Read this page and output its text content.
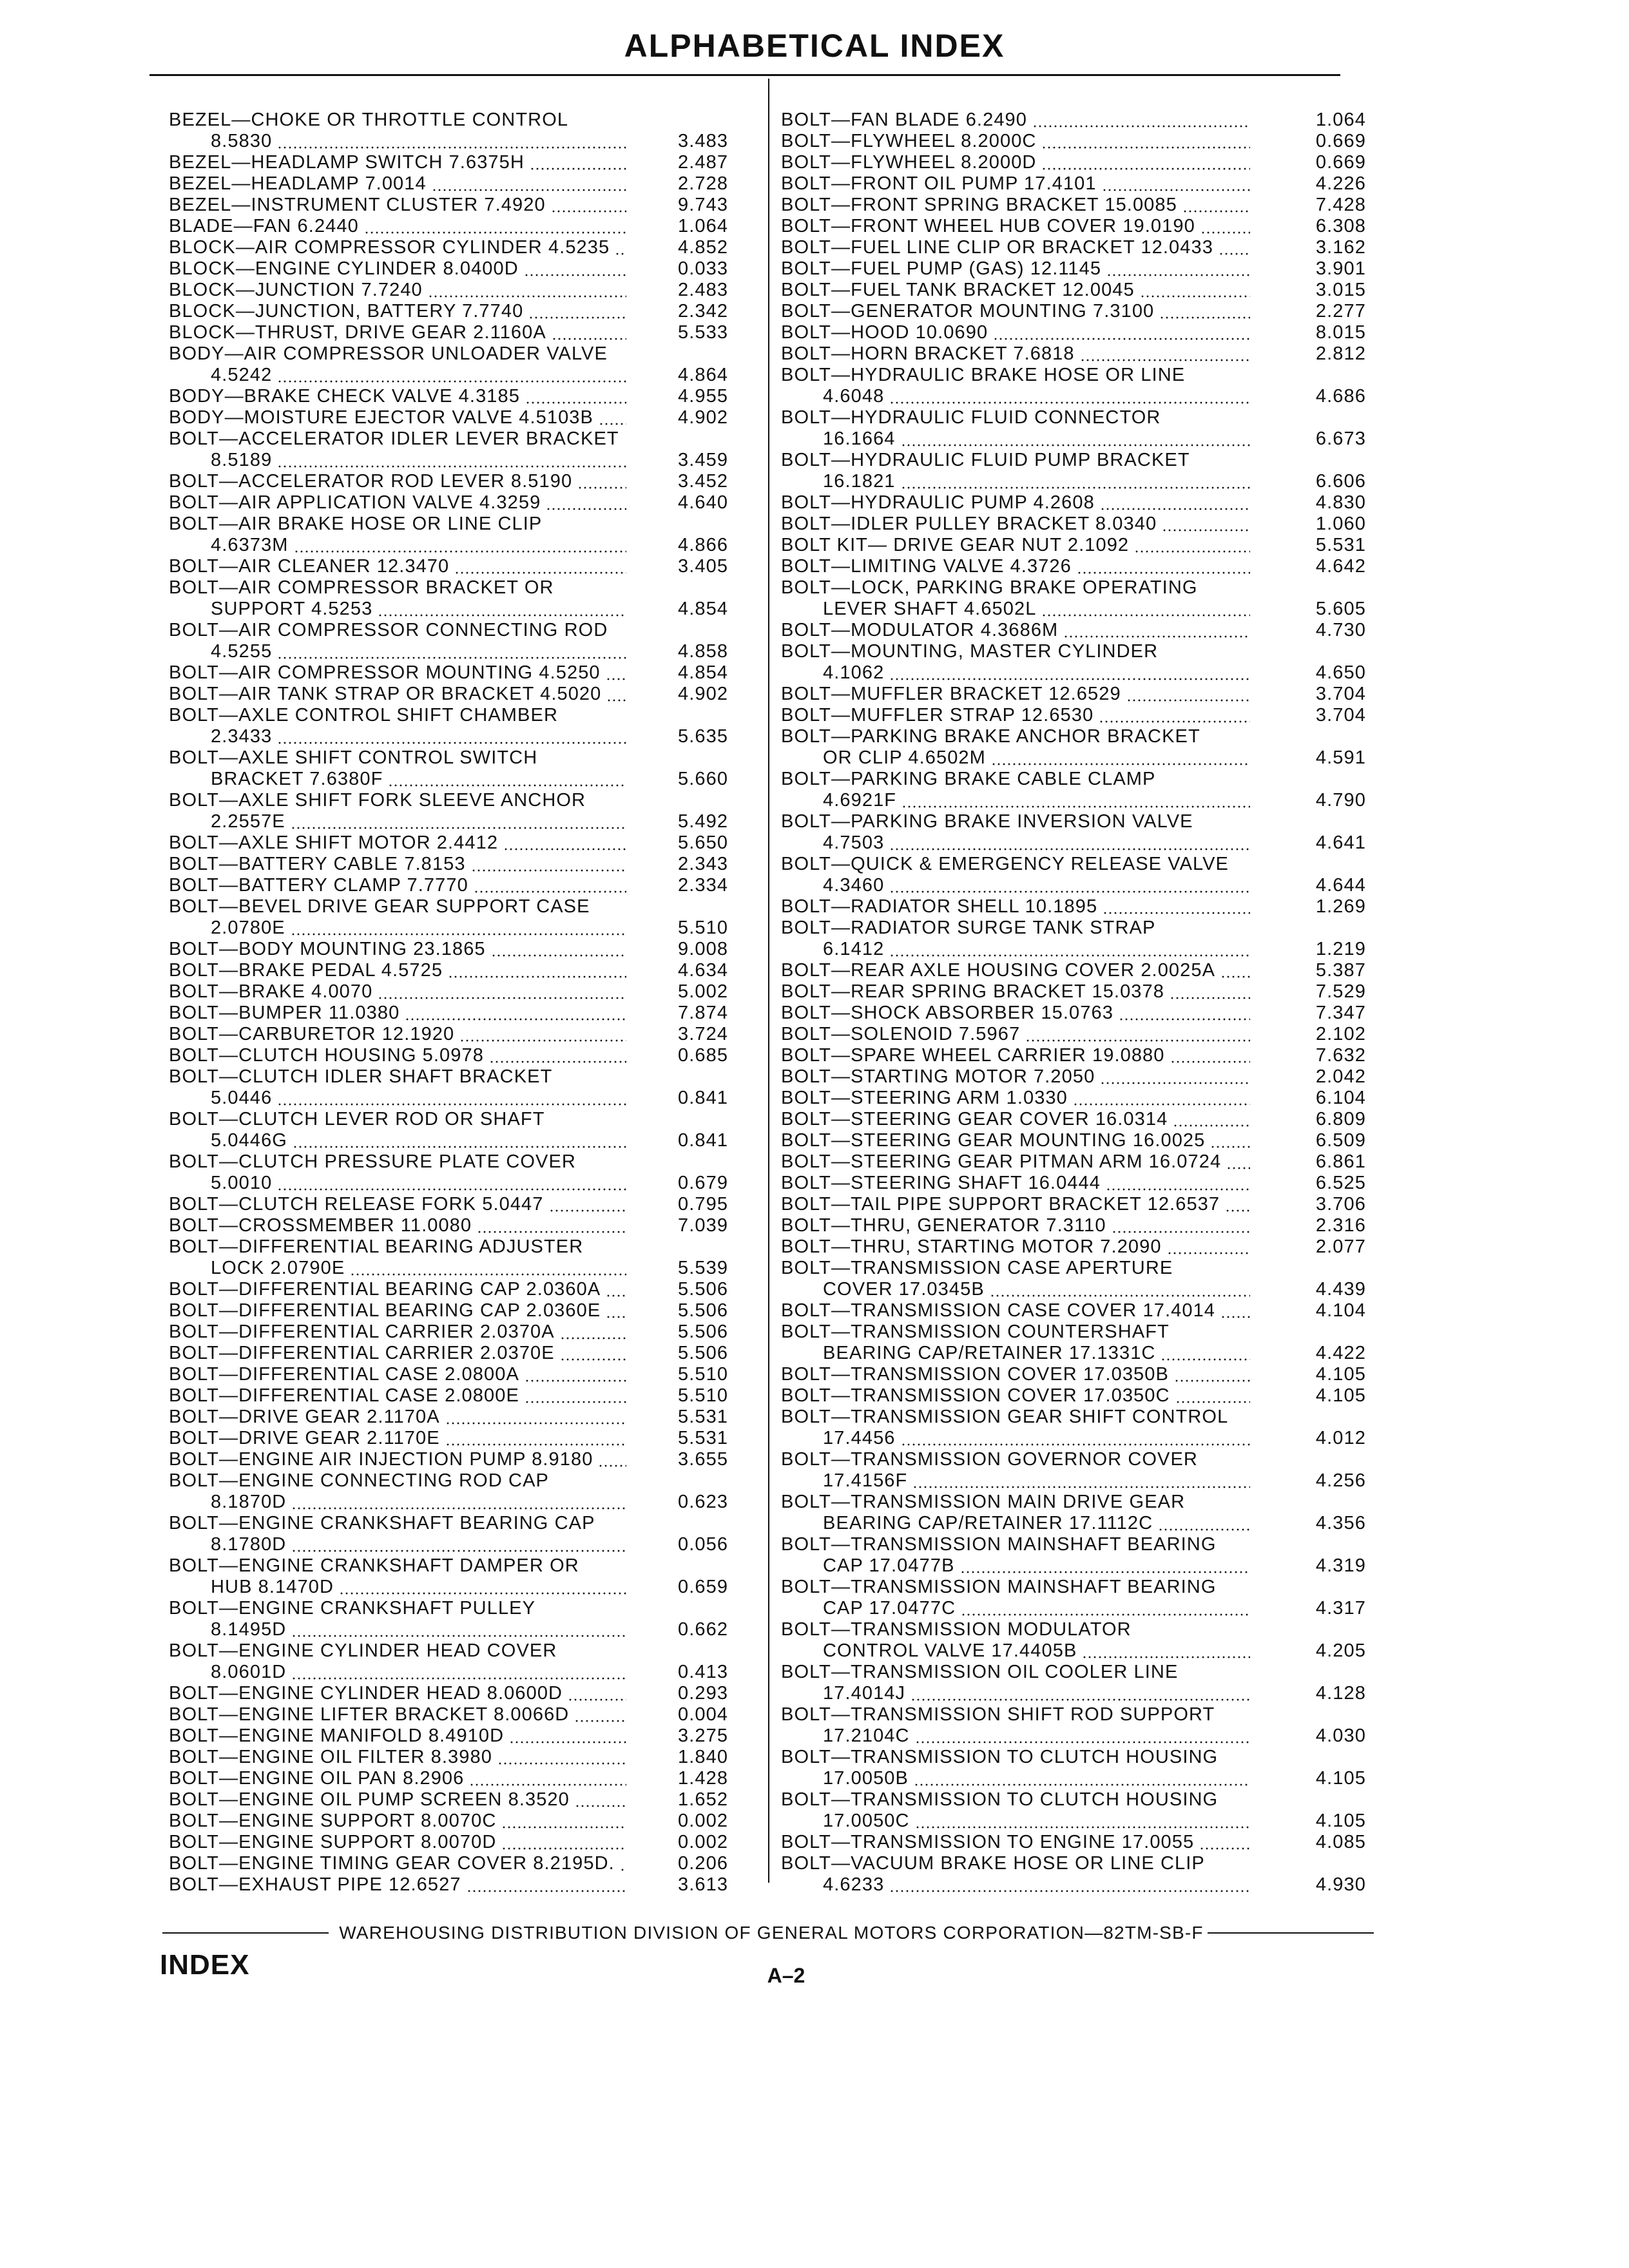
ALPHABETICAL INDEX
BEZEL—CHOKE OR THROTTLE CONTROL
8.5830	3.483
BEZEL—HEADLAMP SWITCH 7.6375H	2.487
BEZEL—HEADLAMP 7.0014	2.728
BEZEL—INSTRUMENT CLUSTER 7.4920	9.743
BLADE—FAN 6.2440	1.064
BLOCK—AIR COMPRESSOR CYLINDER 4.5235	4.852
BLOCK—ENGINE CYLINDER 8.0400D	0.033
BLOCK—JUNCTION 7.7240	2.483
BLOCK—JUNCTION, BATTERY 7.7740	2.342
BLOCK—THRUST, DRIVE GEAR 2.1160A	5.533
BODY—AIR COMPRESSOR UNLOADER VALVE
4.5242	4.864
BODY—BRAKE CHECK VALVE 4.3185	4.955
BODY—MOISTURE EJECTOR VALVE 4.5103B	4.902
BOLT—ACCELERATOR IDLER LEVER BRACKET
8.5189	3.459
BOLT—ACCELERATOR ROD LEVER 8.5190	3.452
BOLT—AIR APPLICATION VALVE 4.3259	4.640
BOLT—AIR BRAKE HOSE OR LINE CLIP
4.6373M	4.866
BOLT—AIR CLEANER 12.3470	3.405
BOLT—AIR COMPRESSOR BRACKET OR
SUPPORT 4.5253	4.854
BOLT—AIR COMPRESSOR CONNECTING ROD
4.5255	4.858
BOLT—AIR COMPRESSOR MOUNTING 4.5250	4.854
BOLT—AIR TANK STRAP OR BRACKET 4.5020	4.902
BOLT—AXLE CONTROL SHIFT CHAMBER
2.3433	5.635
BOLT—AXLE SHIFT CONTROL SWITCH
BRACKET 7.6380F	5.660
BOLT—AXLE SHIFT FORK SLEEVE ANCHOR
2.2557E	5.492
BOLT—AXLE SHIFT MOTOR 2.4412	5.650
BOLT—BATTERY CABLE 7.8153	2.343
BOLT—BATTERY CLAMP 7.7770	2.334
BOLT—BEVEL DRIVE GEAR SUPPORT CASE
2.0780E	5.510
BOLT—BODY MOUNTING 23.1865	9.008
BOLT—BRAKE PEDAL 4.5725	4.634
BOLT—BRAKE 4.0070	5.002
BOLT—BUMPER 11.0380	7.874
BOLT—CARBURETOR 12.1920	3.724
BOLT—CLUTCH HOUSING 5.0978	0.685
BOLT—CLUTCH IDLER SHAFT BRACKET
5.0446	0.841
BOLT—CLUTCH LEVER ROD OR SHAFT
5.0446G	0.841
BOLT—CLUTCH PRESSURE PLATE COVER
5.0010	0.679
BOLT—CLUTCH RELEASE FORK 5.0447	0.795
BOLT—CROSSMEMBER 11.0080	7.039
BOLT—DIFFERENTIAL BEARING ADJUSTER
LOCK 2.0790E	5.539
BOLT—DIFFERENTIAL BEARING CAP 2.0360A	5.506
BOLT—DIFFERENTIAL BEARING CAP 2.0360E	5.506
BOLT—DIFFERENTIAL CARRIER 2.0370A	5.506
BOLT—DIFFERENTIAL CARRIER 2.0370E	5.506
BOLT—DIFFERENTIAL CASE 2.0800A	5.510
BOLT—DIFFERENTIAL CASE 2.0800E	5.510
BOLT—DRIVE GEAR 2.1170A	5.531
BOLT—DRIVE GEAR 2.1170E	5.531
BOLT—ENGINE AIR INJECTION PUMP 8.9180	3.655
BOLT—ENGINE CONNECTING ROD CAP
8.1870D	0.623
BOLT—ENGINE CRANKSHAFT BEARING CAP
8.1780D	0.056
BOLT—ENGINE CRANKSHAFT DAMPER OR
HUB 8.1470D	0.659
BOLT—ENGINE CRANKSHAFT PULLEY
8.1495D	0.662
BOLT—ENGINE CYLINDER HEAD COVER
8.0601D	0.413
BOLT—ENGINE CYLINDER HEAD 8.0600D	0.293
BOLT—ENGINE LIFTER BRACKET 8.0066D	0.004
BOLT—ENGINE MANIFOLD 8.4910D	3.275
BOLT—ENGINE OIL FILTER 8.3980	1.840
BOLT—ENGINE OIL PAN 8.2906	1.428
BOLT—ENGINE OIL PUMP SCREEN 8.3520	1.652
BOLT—ENGINE SUPPORT 8.0070C	0.002
BOLT—ENGINE SUPPORT 8.0070D	0.002
BOLT—ENGINE TIMING GEAR COVER 8.2195D.	0.206
BOLT—EXHAUST PIPE 12.6527	3.613
BOLT—FAN BLADE 6.2490	1.064
BOLT—FLYWHEEL 8.2000C	0.669
BOLT—FLYWHEEL 8.2000D	0.669
BOLT—FRONT OIL PUMP 17.4101	4.226
BOLT—FRONT SPRING BRACKET 15.0085	7.428
BOLT—FRONT WHEEL HUB COVER 19.0190	6.308
BOLT—FUEL LINE CLIP OR BRACKET 12.0433	3.162
BOLT—FUEL PUMP (GAS) 12.1145	3.901
BOLT—FUEL TANK BRACKET 12.0045	3.015
BOLT—GENERATOR MOUNTING 7.3100	2.277
BOLT—HOOD 10.0690	8.015
BOLT—HORN BRACKET 7.6818	2.812
BOLT—HYDRAULIC BRAKE HOSE OR LINE
4.6048	4.686
BOLT—HYDRAULIC FLUID CONNECTOR
16.1664	6.673
BOLT—HYDRAULIC FLUID PUMP BRACKET
16.1821	6.606
BOLT—HYDRAULIC PUMP 4.2608	4.830
BOLT—IDLER PULLEY BRACKET 8.0340	1.060
BOLT KIT— DRIVE GEAR NUT 2.1092	5.531
BOLT—LIMITING VALVE 4.3726	4.642
BOLT—LOCK, PARKING BRAKE OPERATING
LEVER SHAFT 4.6502L	5.605
BOLT—MODULATOR 4.3686M	4.730
BOLT—MOUNTING, MASTER CYLINDER
4.1062	4.650
BOLT—MUFFLER BRACKET 12.6529	3.704
BOLT—MUFFLER STRAP 12.6530	3.704
BOLT—PARKING BRAKE ANCHOR BRACKET
OR CLIP 4.6502M	4.591
BOLT—PARKING BRAKE CABLE CLAMP
4.6921F	4.790
BOLT—PARKING BRAKE INVERSION VALVE
4.7503	4.641
BOLT—QUICK & EMERGENCY RELEASE VALVE
4.3460	4.644
BOLT—RADIATOR SHELL 10.1895	1.269
BOLT—RADIATOR SURGE TANK STRAP
6.1412	1.219
BOLT—REAR AXLE HOUSING COVER 2.0025A	5.387
BOLT—REAR SPRING BRACKET 15.0378	7.529
BOLT—SHOCK ABSORBER 15.0763	7.347
BOLT—SOLENOID 7.5967	2.102
BOLT—SPARE WHEEL CARRIER 19.0880	7.632
BOLT—STARTING MOTOR 7.2050	2.042
BOLT—STEERING ARM 1.0330	6.104
BOLT—STEERING GEAR COVER 16.0314	6.809
BOLT—STEERING GEAR MOUNTING 16.0025	6.509
BOLT—STEERING GEAR PITMAN ARM 16.0724	6.861
BOLT—STEERING SHAFT 16.0444	6.525
BOLT—TAIL PIPE SUPPORT BRACKET 12.6537	3.706
BOLT—THRU, GENERATOR 7.3110	2.316
BOLT—THRU, STARTING MOTOR 7.2090	2.077
BOLT—TRANSMISSION CASE APERTURE
COVER 17.0345B	4.439
BOLT—TRANSMISSION CASE COVER 17.4014	4.104
BOLT—TRANSMISSION COUNTERSHAFT
BEARING CAP/RETAINER 17.1331C	4.422
BOLT—TRANSMISSION COVER 17.0350B	4.105
BOLT—TRANSMISSION COVER 17.0350C	4.105
BOLT—TRANSMISSION GEAR SHIFT CONTROL
17.4456	4.012
BOLT—TRANSMISSION GOVERNOR COVER
17.4156F	4.256
BOLT—TRANSMISSION MAIN DRIVE GEAR
BEARING CAP/RETAINER 17.1112C	4.356
BOLT—TRANSMISSION MAINSHAFT BEARING
CAP 17.0477B	4.319
BOLT—TRANSMISSION MAINSHAFT BEARING
CAP 17.0477C	4.317
BOLT—TRANSMISSION MODULATOR
CONTROL VALVE 17.4405B	4.205
BOLT—TRANSMISSION OIL COOLER LINE
17.4014J	4.128
BOLT—TRANSMISSION SHIFT ROD SUPPORT
17.2104C	4.030
BOLT—TRANSMISSION TO CLUTCH HOUSING
17.0050B	4.105
BOLT—TRANSMISSION TO CLUTCH HOUSING
17.0050C	4.105
BOLT—TRANSMISSION TO ENGINE 17.0055	4.085
BOLT—VACUUM BRAKE HOSE OR LINE CLIP
4.6233	4.930
WAREHOUSING DISTRIBUTION DIVISION OF GENERAL MOTORS CORPORATION—82TM-SB-F
INDEX	A–2
